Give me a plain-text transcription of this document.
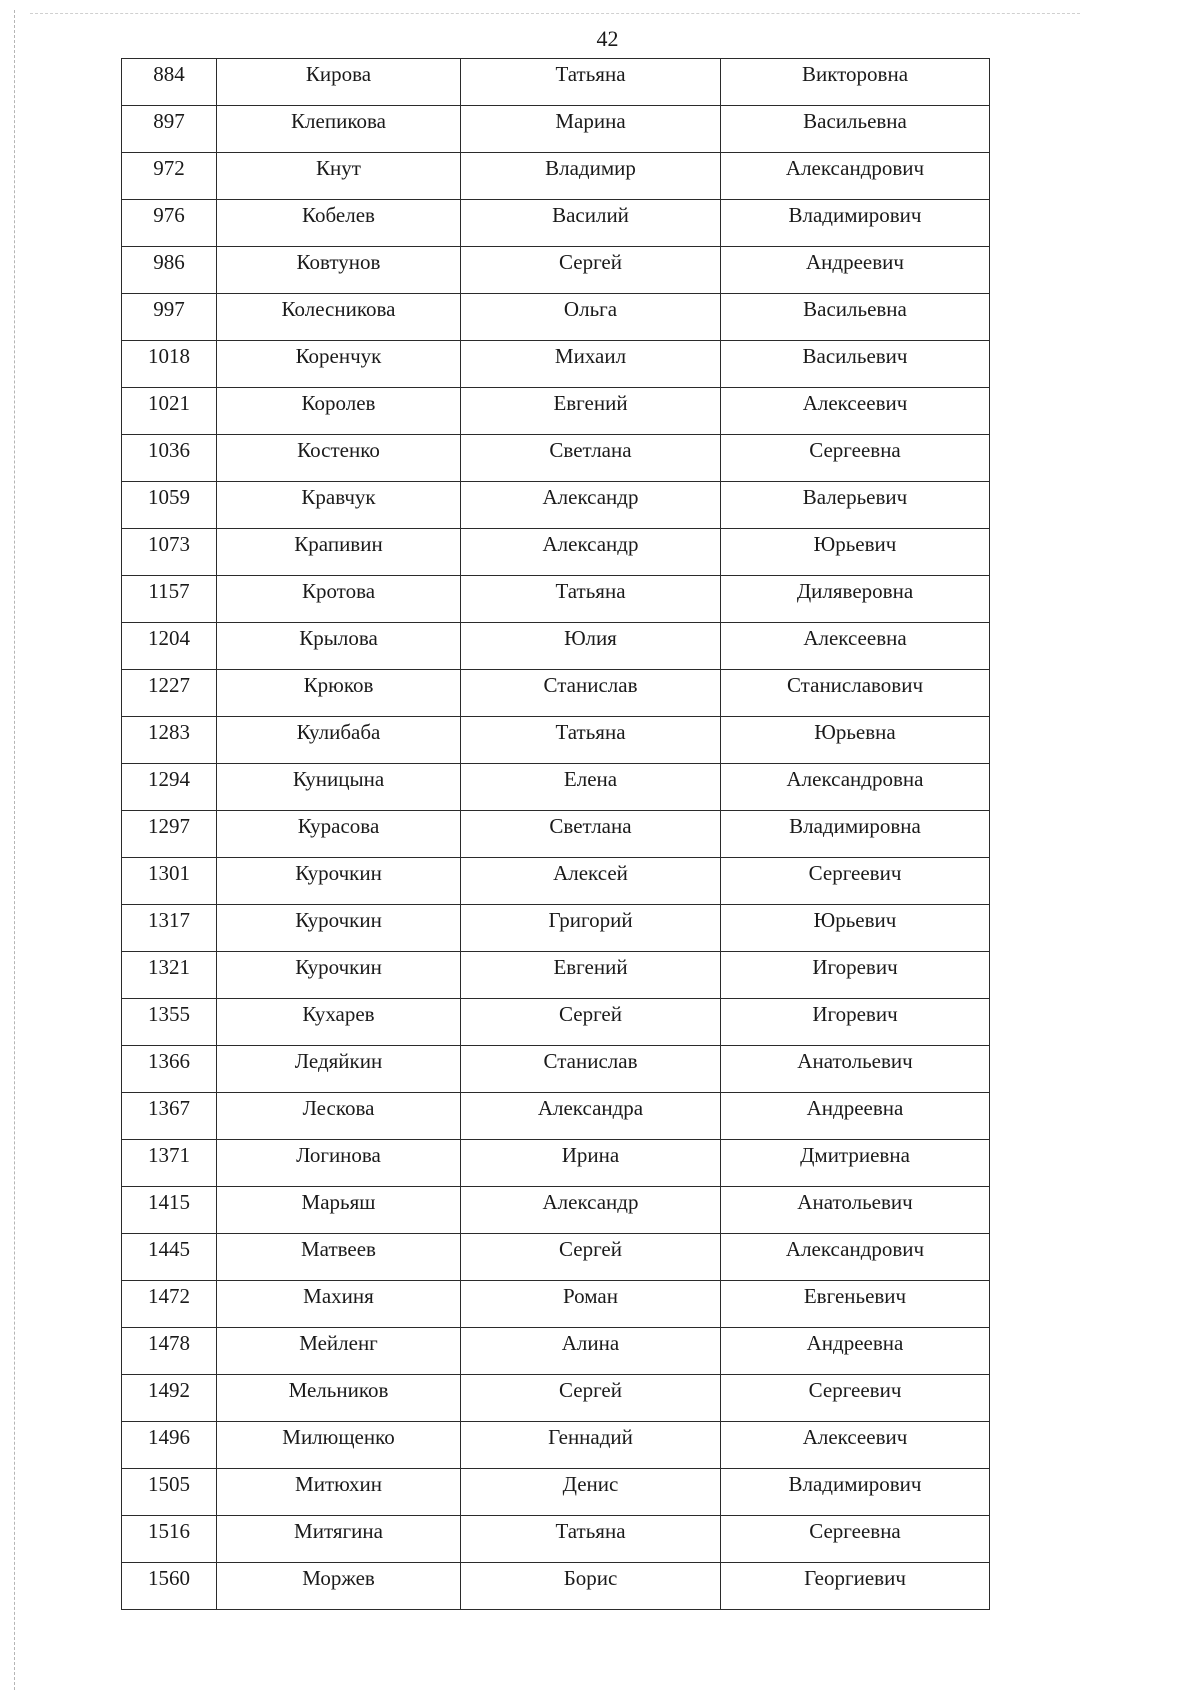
42
884	Кирова	Татьяна	Викторовна

897	Клепикова	Марина	Васильевна

972	Кнут	Владимир	Александрович

976	Кобелев	Василий	Владимирович

986	Ковтунов	Сергей	Андреевич

997	Колесникова	Ольга	Васильевна

1018	Коренчук	Михаил	Васильевич

1021	Королев	Евгений	Алексеевич

1036	Костенко	Светлана	Сергеевна

1059	Кравчук	Александр	Валерьевич

1073	Крапивин	Александр	Юрьевич

1157	Кротова	Татьяна	Диляверовна

1204	Крылова	Юлия	Алексеевна

1227	Крюков	Станислав	Станиславович

1283	Кулибаба	Татьяна	Юрьевна

1294	Куницына	Елена	Александровна

1297	Курасова	Светлана	Владимировна

1301	Курочкин	Алексей	Сергеевич

1317	Курочкин	Григорий	Юрьевич

1321	Курочкин	Евгений	Игоревич

1355	Кухарев	Сергей	Игоревич

1366	Ледяйкин	Станислав	Анатольевич

1367	Лескова	Александра	Андреевна

1371	Логинова	Ирина	Дмитриевна

1415	Марьяш	Александр	Анатольевич

1445	Матвеев	Сергей	Александрович

1472	Махиня	Роман	Евгеньевич

1478	Мейленг	Алина	Андреевна

1492	Мельников	Сергей	Сергеевич

1496	Милющенко	Геннадий	Алексеевич

1505	Митюхин	Денис	Владимирович

1516	Митягина	Татьяна	Сергеевна

1560	Моржев	Борис	Георгиевич
